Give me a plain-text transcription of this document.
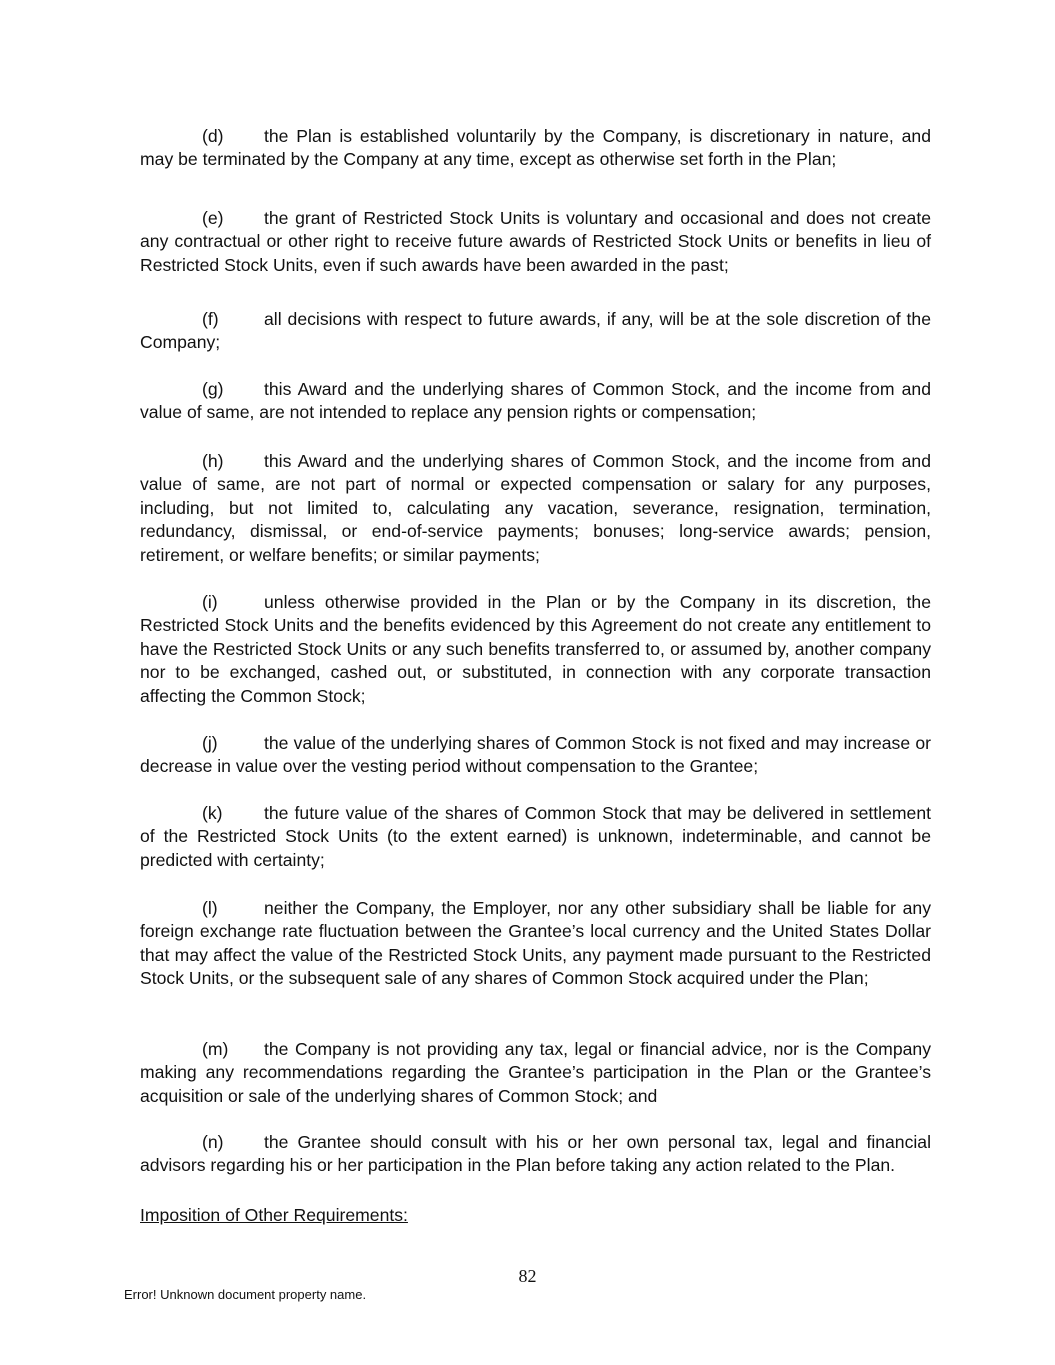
(d) the Plan is established voluntarily by the Company, is discretionary in nature, and may be terminated by the Company at any time, except as otherwise set forth in the Plan;

(e) the grant of Restricted Stock Units is voluntary and occasional and does not create any contractual or other right to receive future awards of Restricted Stock Units or benefits in lieu of Restricted Stock Units, even if such awards have been awarded in the past;

(f)	all decisions with respect to future awards, if any, will be at the sole discretion of the Company;

(g) this Award and the underlying shares of Common Stock, and the income from and value of same, are not intended to replace any pension rights or compensation;

(h) this Award and the underlying shares of Common Stock, and the income from and value of same, are not part of normal or expected compensation or salary for any purposes, including, but not limited to, calculating any vacation, severance, resignation, termination, redundancy, dismissal, or end-of-service payments; bonuses; long-service awards; pension, retirement, or welfare benefits; or similar payments;

(i)	unless otherwise provided in the Plan or by the Company in its discretion, the Restricted Stock Units and the benefits evidenced by this Agreement do not create any entitlement to have the Restricted Stock Units or any such benefits transferred to, or assumed by, another company nor to be exchanged, cashed out, or substituted, in connection with any corporate transaction affecting the Common Stock;

(j)	the value of the underlying shares of Common Stock is not fixed and may increase or decrease in value over the vesting period without compensation to the Grantee;

(k) the future value of the shares of Common Stock that may be delivered in settlement of the Restricted Stock Units (to the extent earned) is unknown, indeterminable, and cannot be predicted with certainty;

(l)	neither the Company, the Employer, nor any other subsidiary shall be liable for any foreign exchange rate fluctuation between the Grantee’s local currency and the United States Dollar that may affect the value of the Restricted Stock Units, any payment made pursuant to the Restricted Stock Units, or the subsequent sale of any shares of Common Stock acquired under the Plan;

(m) the Company is not providing any tax, legal or financial advice, nor is the Company making any recommendations regarding the Grantee’s participation in the Plan or the Grantee’s acquisition or sale of the underlying shares of Common Stock; and

(n) the Grantee should consult with his or her own personal tax, legal and financial advisors regarding his or her participation in the Plan before taking any action related to the Plan.

Imposition of Other Requirements:

82
Error! Unknown document property name.
